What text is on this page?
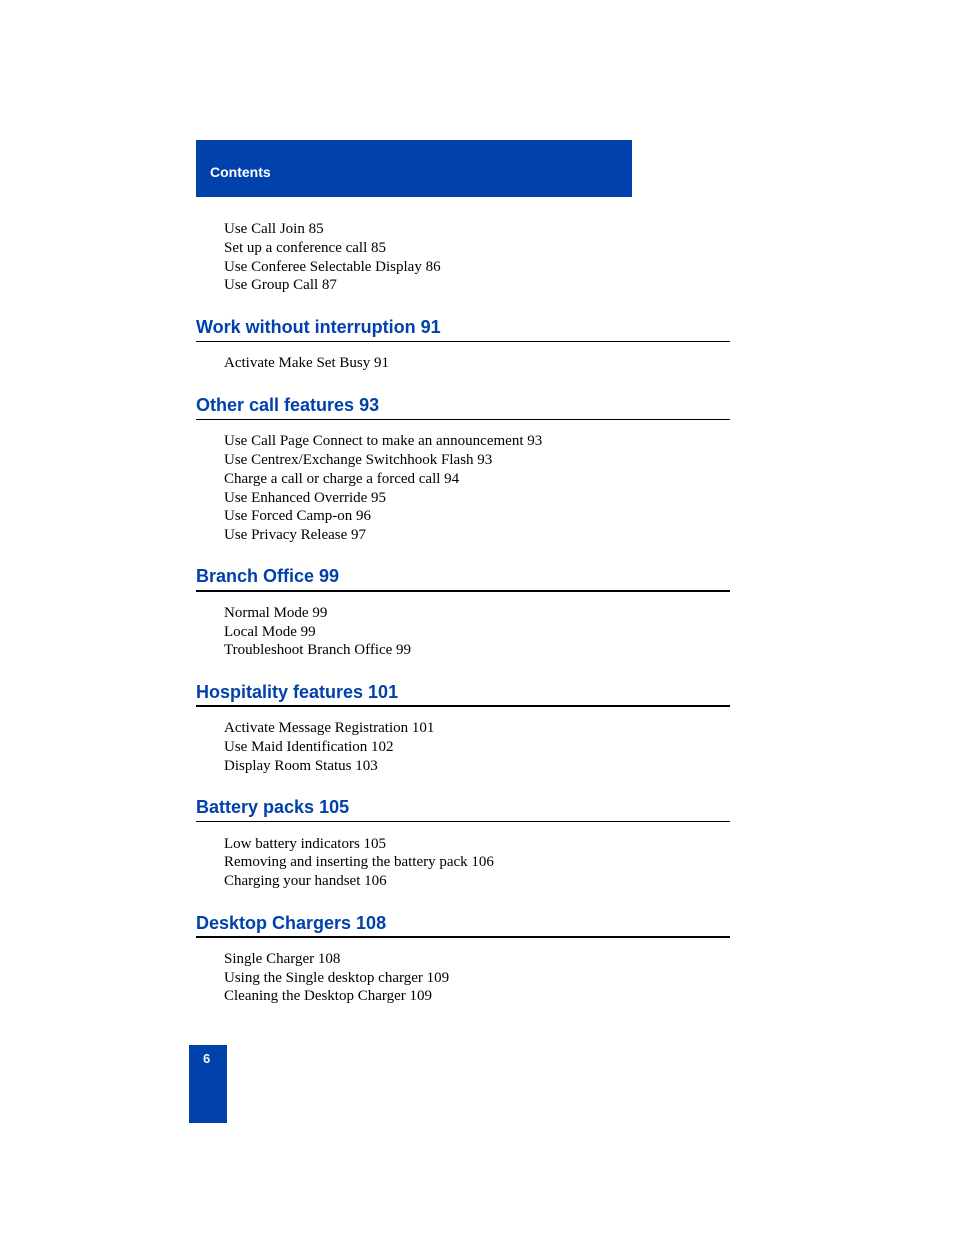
Contents
Use Call Join 85
Set up a conference call 85
Use Conferee Selectable Display 86
Use Group Call 87
Work without interruption 91
Activate Make Set Busy 91
Other call features 93
Use Call Page Connect to make an announcement 93
Use Centrex/Exchange Switchhook Flash 93
Charge a call or charge a forced call 94
Use Enhanced Override 95
Use Forced Camp-on 96
Use Privacy Release 97
Branch Office 99
Normal Mode 99
Local Mode 99
Troubleshoot Branch Office 99
Hospitality features 101
Activate Message Registration 101
Use Maid Identification 102
Display Room Status 103
Battery packs 105
Low battery indicators 105
Removing and inserting the battery pack 106
Charging your handset 106
Desktop Chargers 108
Single Charger 108
Using the Single desktop charger 109
Cleaning the Desktop Charger 109
6
